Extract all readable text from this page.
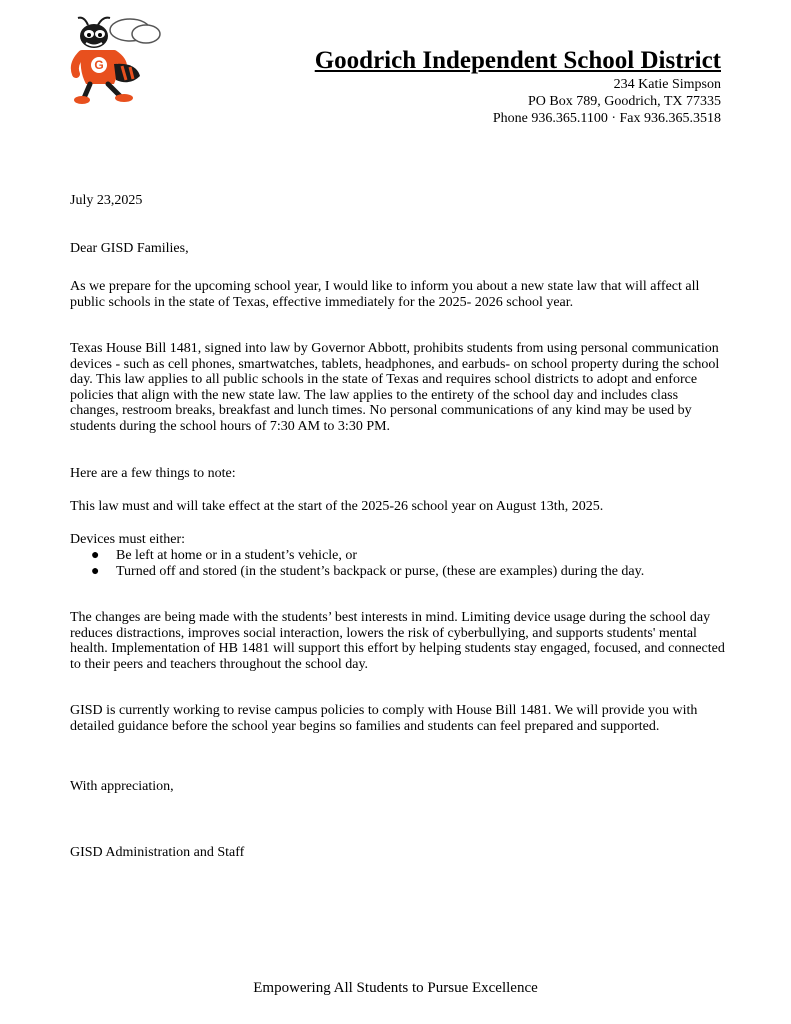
G	Goodrich Independent School District

234 Katie Simpson

PO Box 789, Goodrich, TX 77335

Phone 936.365.1100 · Fax 936.365.3518

July 23,2025

Dear GISD Families,

As we prepare for the upcoming school year, I would like to inform you about a new state law that will affect all public schools in the state of Texas, effective immediately for the 2025- 2026 school year.

Texas House Bill 1481, signed into law by Governor Abbott, prohibits students from using personal communication devices - such as cell phones, smartwatches, tablets, headphones, and earbuds- on school property during the school day. This law applies to all public schools in the state of Texas and requires school districts to adopt and enforce policies that align with the new state law. The law applies to the entirety of the school day and includes class changes, restroom breaks, breakfast and lunch times. No personal communications of any kind may be used by students during the school hours of 7:30 AM to 3:30 PM.

Here are a few things to note:

This law must and will take effect at the start of the 2025-26 school year on August 13th, 2025.

Devices must either:

● Be left at home or in a student’s vehicle, or
● Turned off and stored (in the student’s backpack or purse, (these are examples) during the day.

The changes are being made with the students’ best interests in mind. Limiting device usage during the school day reduces distractions, improves social interaction, lowers the risk of cyberbullying, and supports students' mental health. Implementation of HB 1481 will support this effort by helping students stay engaged, focused, and connected to their peers and teachers throughout the school day.

GISD is currently working to revise campus policies to comply with House Bill 1481. We will provide you with detailed guidance before the school year begins so families and students can feel prepared and supported.

With appreciation,

GISD Administration and Staff

Empowering All Students to Pursue Excellence
